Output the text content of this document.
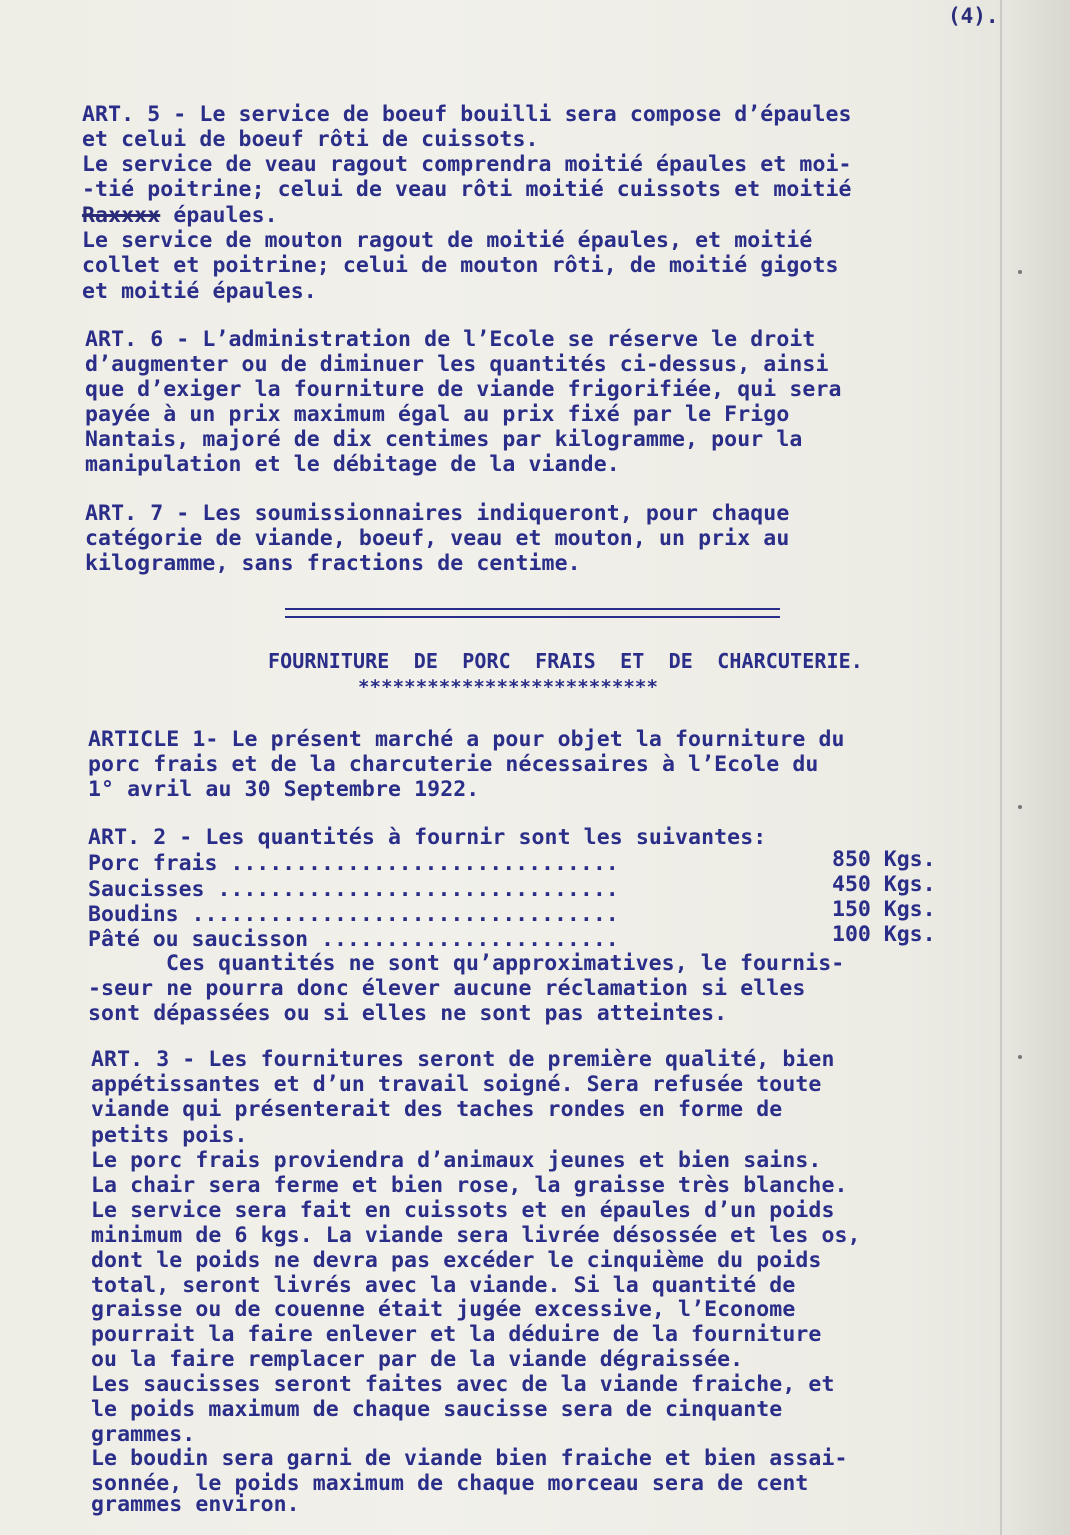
(4).
ART. 5 - Le service de boeuf bouilli sera compose d’épaules
et celui de boeuf rôti de cuissots.
Le service de veau ragout comprendra moitié épaules et moi-
-tié poitrine; celui de veau rôti moitié cuissots et moitié
Raxxxx épaules.
Le service de mouton ragout de moitié épaules, et moitié
collet et poitrine; celui de mouton rôti, de moitié gigots
et moitié épaules.
ART. 6 - L’administration de l’Ecole se réserve le droit
d’augmenter ou de diminuer les quantités ci-dessus, ainsi
que d’exiger la fourniture de viande frigorifiée, qui sera
payée à un prix maximum égal au prix fixé par le Frigo
Nantais, majoré de dix centimes par kilogramme, pour la
manipulation et le débitage de la viande.
ART. 7 - Les soumissionnaires indiqueront, pour chaque
catégorie de viande, boeuf, veau et mouton, un prix au
kilogramme, sans fractions de centime.
FOURNITURE  DE  PORC  FRAIS  ET  DE  CHARCUTERIE.
**************************
ARTICLE 1- Le présent marché a pour objet la fourniture du
porc frais et de la charcuterie nécessaires à l’Ecole du
1° avril au 30 Septembre 1922.
ART. 2 - Les quantités à fournir sont les suivantes:
Porc frais ..............................	850 Kgs.
Saucisses ...............................	450 Kgs.
Boudins .................................	150 Kgs.
Pâté ou saucisson .......................	100 Kgs.
Ces quantités ne sont qu’approximatives, le fournis-
-seur ne pourra donc élever aucune réclamation si elles
sont dépassées ou si elles ne sont pas atteintes.
ART. 3 - Les fournitures seront de première qualité, bien
appétissantes et d’un travail soigné. Sera refusée toute
viande qui présenterait des taches rondes en forme de
petits pois.
Le porc frais proviendra d’animaux jeunes et bien sains.
La chair sera ferme et bien rose, la graisse très blanche.
Le service sera fait en cuissots et en épaules d’un poids
minimum de 6 kgs. La viande sera livrée désossée et les os,
dont le poids ne devra pas excéder le cinquième du poids
total, seront livrés avec la viande. Si la quantité de
graisse ou de couenne était jugée excessive, l’Econome
pourrait la faire enlever et la déduire de la fourniture
ou la faire remplacer par de la viande dégraissée.
Les saucisses seront faites avec de la viande fraiche, et
le poids maximum de chaque saucisse sera de cinquante
grammes.
Le boudin sera garni de viande bien fraiche et bien assai-
sonnée, le poids maximum de chaque morceau sera de cent
grammes environ.
